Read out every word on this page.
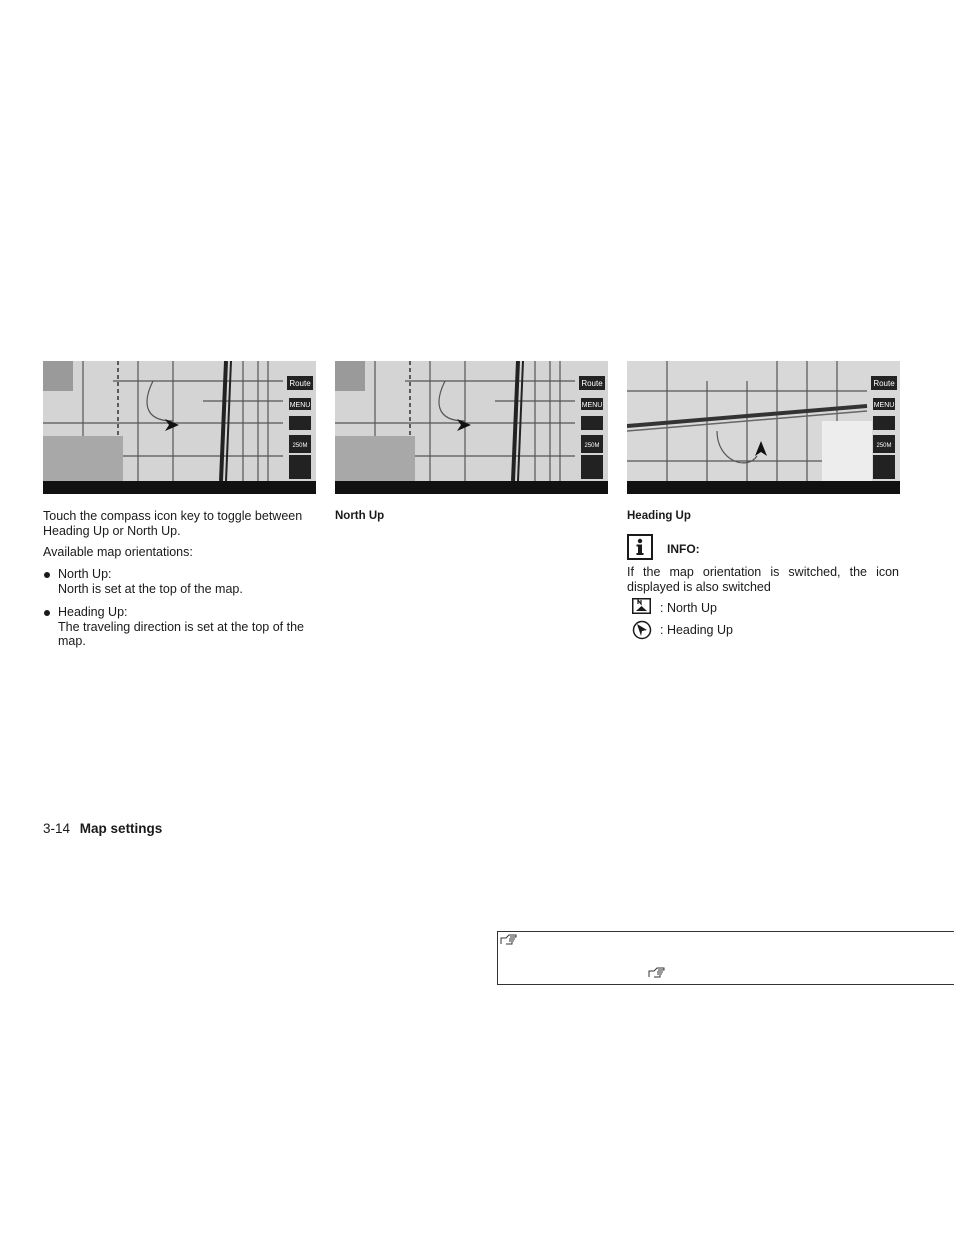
Route
MENU
250M
Route
MENU
250M
Route
MENU
250M
Touch the compass icon key to toggle between Heading Up or North Up.
Available map orientations:
North Up:
North is set at the top of the map.
Heading Up:
The traveling direction is set at the top of the map.
North Up	Heading Up
INFO:
If the map orientation is switched, the icon displayed is also switched
: North Up
: Heading Up
3-14 Map settings
